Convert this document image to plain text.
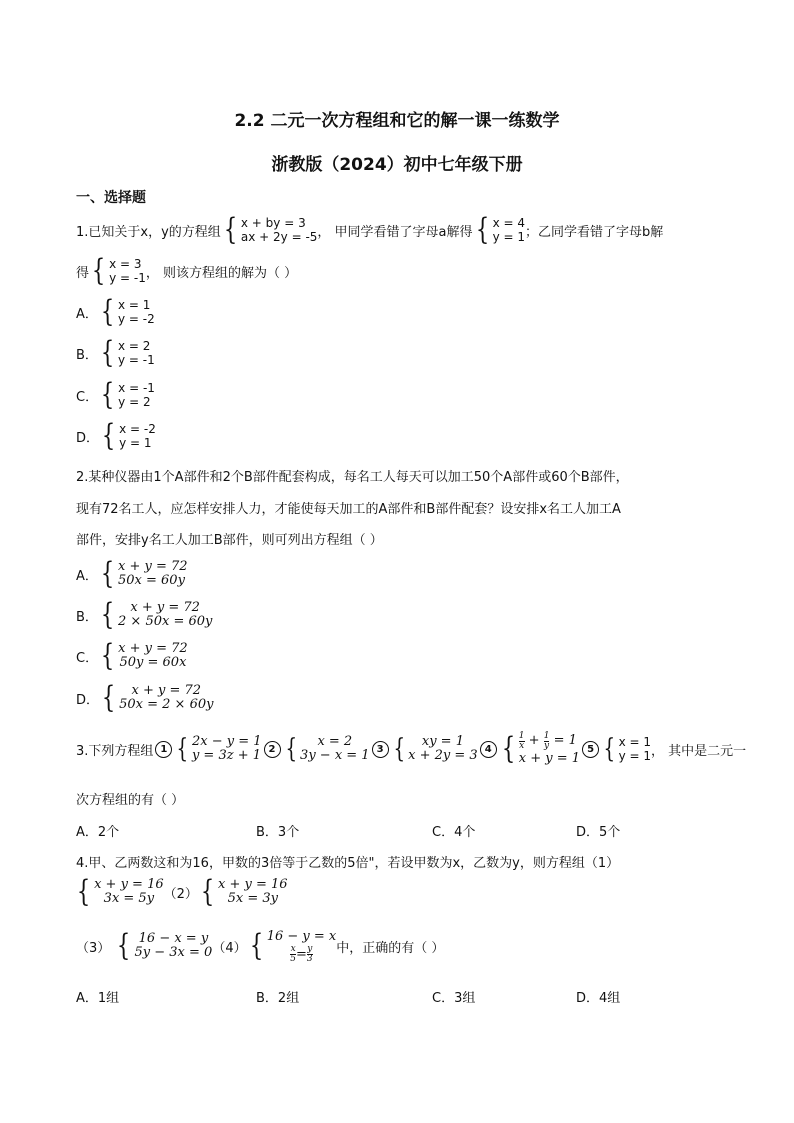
2.2 二元一次方程组和它的解一课一练数学
浙教版（2024）初中七年级下册
一、选择题
1.已知关于x，y的方程组 { x + by = 3
ax + 2y = -5 ， 甲同学看错了字母a解得 { x = 4
y = 1 ；乙同学看错了字母b解
得 { x = 3
y = -1 ， 则该方程组的解为（ ）
A． { x = 1
y = -2
B． { x = 2
y = -1
C． { x = -1
y = 2
D． { x = -2
y = 1
2.某种仪器由1个A部件和2个B部件配套构成，每名工人每天可以加工50个A部件或60个B部件，
现有72名工人，应怎样安排人力，才能使每天加工的A部件和B部件配套？设安排x名工人加工A
部件，安排y名工人加工B部件，则可列出方程组（ ）
A． { x + y = 72
50x = 60y
B． { x + y = 72
2 × 50x = 60y
C． { x + y = 72
50y = 60x
D． { x + y = 72
50x = 2 × 60y
3.下列方程组 1 { 2x − y = 1
y = 3z + 1 2 { x = 2
3y − x = 1 3 { xy = 1
x + 2y = 3 4 { $\frac{1}{x} + \frac{1}{y}$
= 1
x + y = 1
5 { x = 1
y = 1 ， 其中是二元一
次方程组的有（ ）
A．2个	B．3个	C．4个	D．5个
4.甲、乙两数这和为16，甲数的3倍等于乙数的5倍"，若设甲数为x，乙数为y，则方程组（1）
{ x + y = 16
3x = 5y （2） { x + y = 16
5x = 3y
（3）
{ 16 − x = y
5y − 3x = 0 （4） { 16 − y = x
$\frac{x}{5} = \frac{y}{3}$ 中，正确的有（ ）
A．1组	B．2组	C．3组	D．4组
